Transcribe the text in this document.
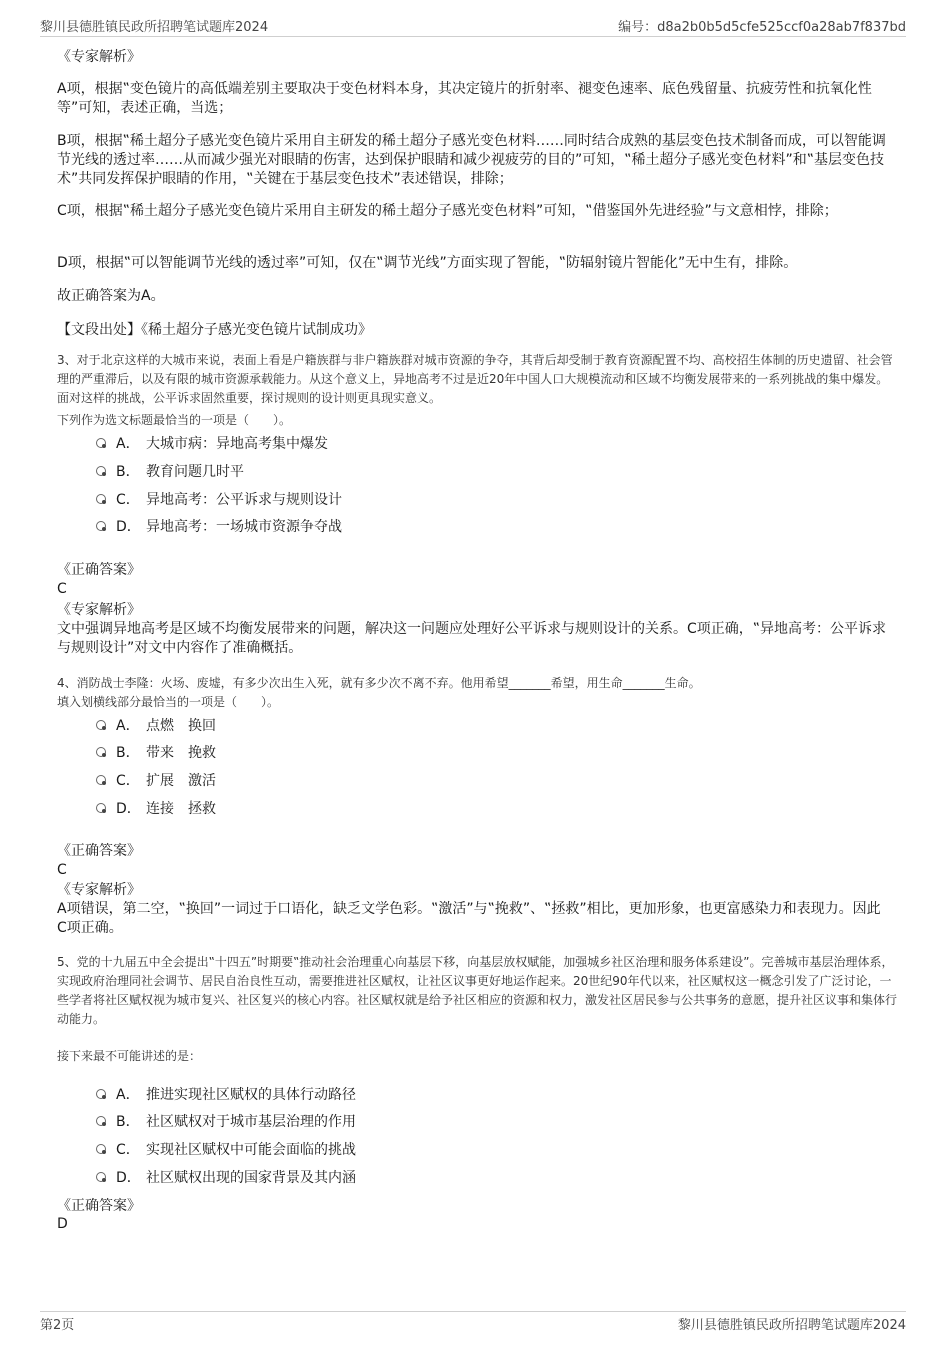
黎川县德胜镇民政所招聘笔试题库2024	编号：d8a2b0b5d5cfe525ccf0a28ab7f837bd
《专家解析》
A项，根据‟变色镜片的高低端差别主要取决于变色材料本身，其决定镜片的折射率、褪变色速率、底色残留量、抗疲劳性和抗氧化性等”可知，表述正确，当选；
B项，根据‟稀土超分子感光变色镜片采用自主研发的稀土超分子感光变色材料……同时结合成熟的基层变色技术制备而成，可以智能调节光线的透过率……从而减少强光对眼睛的伤害，达到保护眼睛和减少视疲劳的目的”可知，‟稀土超分子感光变色材料”和‟基层变色技术”共同发挥保护眼睛的作用，‟关键在于基层变色技术”表述错误，排除；
C项，根据‟稀土超分子感光变色镜片采用自主研发的稀土超分子感光变色材料”可知，‟借鉴国外先进经验”与文意相悖，排除；
D项，根据‟可以智能调节光线的透过率”可知，仅在‟调节光线”方面实现了智能，‟防辐射镜片智能化”无中生有，排除。
故正确答案为A。
【文段出处】《稀土超分子感光变色镜片试制成功》
3、对于北京这样的大城市来说，表面上看是户籍族群与非户籍族群对城市资源的争夺，其背后却受制于教育资源配置不均、高校招生体制的历史遗留、社会管理的严重滞后，以及有限的城市资源承载能力。从这个意义上，异地高考不过是近20年中国人口大规模流动和区域不均衡发展带来的一系列挑战的集中爆发。面对这样的挑战，公平诉求固然重要，探讨规则的设计则更具现实意义。
下列作为选文标题最恰当的一项是（　　）。
A． 大城市病：异地高考集中爆发
B． 教育问题几时平
C． 异地高考：公平诉求与规则设计
D． 异地高考：一场城市资源争夺战
《正确答案》
C
《专家解析》
文中强调异地高考是区域不均衡发展带来的问题，解决这一问题应处理好公平诉求与规则设计的关系。C项正确，‟异地高考：公平诉求与规则设计”对文中内容作了准确概括。
4、消防战士李隆：火场、废墟，有多少次出生入死，就有多少次不离不弃。他用希望_______希望，用生命_______生命。
填入划横线部分最恰当的一项是（　　）。
A． 点燃　换回
B． 带来　挽救
C． 扩展　激活
D． 连接　拯救
《正确答案》
C
《专家解析》
A项错误，第二空，‟换回”一词过于口语化，缺乏文学色彩。‟激活”与‟挽救”、‟拯救”相比，更加形象，也更富感染力和表现力。因此C项正确。
5、党的十九届五中全会提出‟十四五”时期要‟推动社会治理重心向基层下移，向基层放权赋能，加强城乡社区治理和服务体系建设”。完善城市基层治理体系，实现政府治理同社会调节、居民自治良性互动，需要推进社区赋权，让社区议事更好地运作起来。20世纪90年代以来，社区赋权这一概念引发了广泛讨论，一些学者将社区赋权视为城市复兴、社区复兴的核心内容。社区赋权就是给予社区相应的资源和权力，激发社区居民参与公共事务的意愿，提升社区议事和集体行动能力。
接下来最不可能讲述的是：
A． 推进实现社区赋权的具体行动路径
B． 社区赋权对于城市基层治理的作用
C． 实现社区赋权中可能会面临的挑战
D． 社区赋权出现的国家背景及其内涵
《正确答案》
D
第2页	黎川县德胜镇民政所招聘笔试题库2024
